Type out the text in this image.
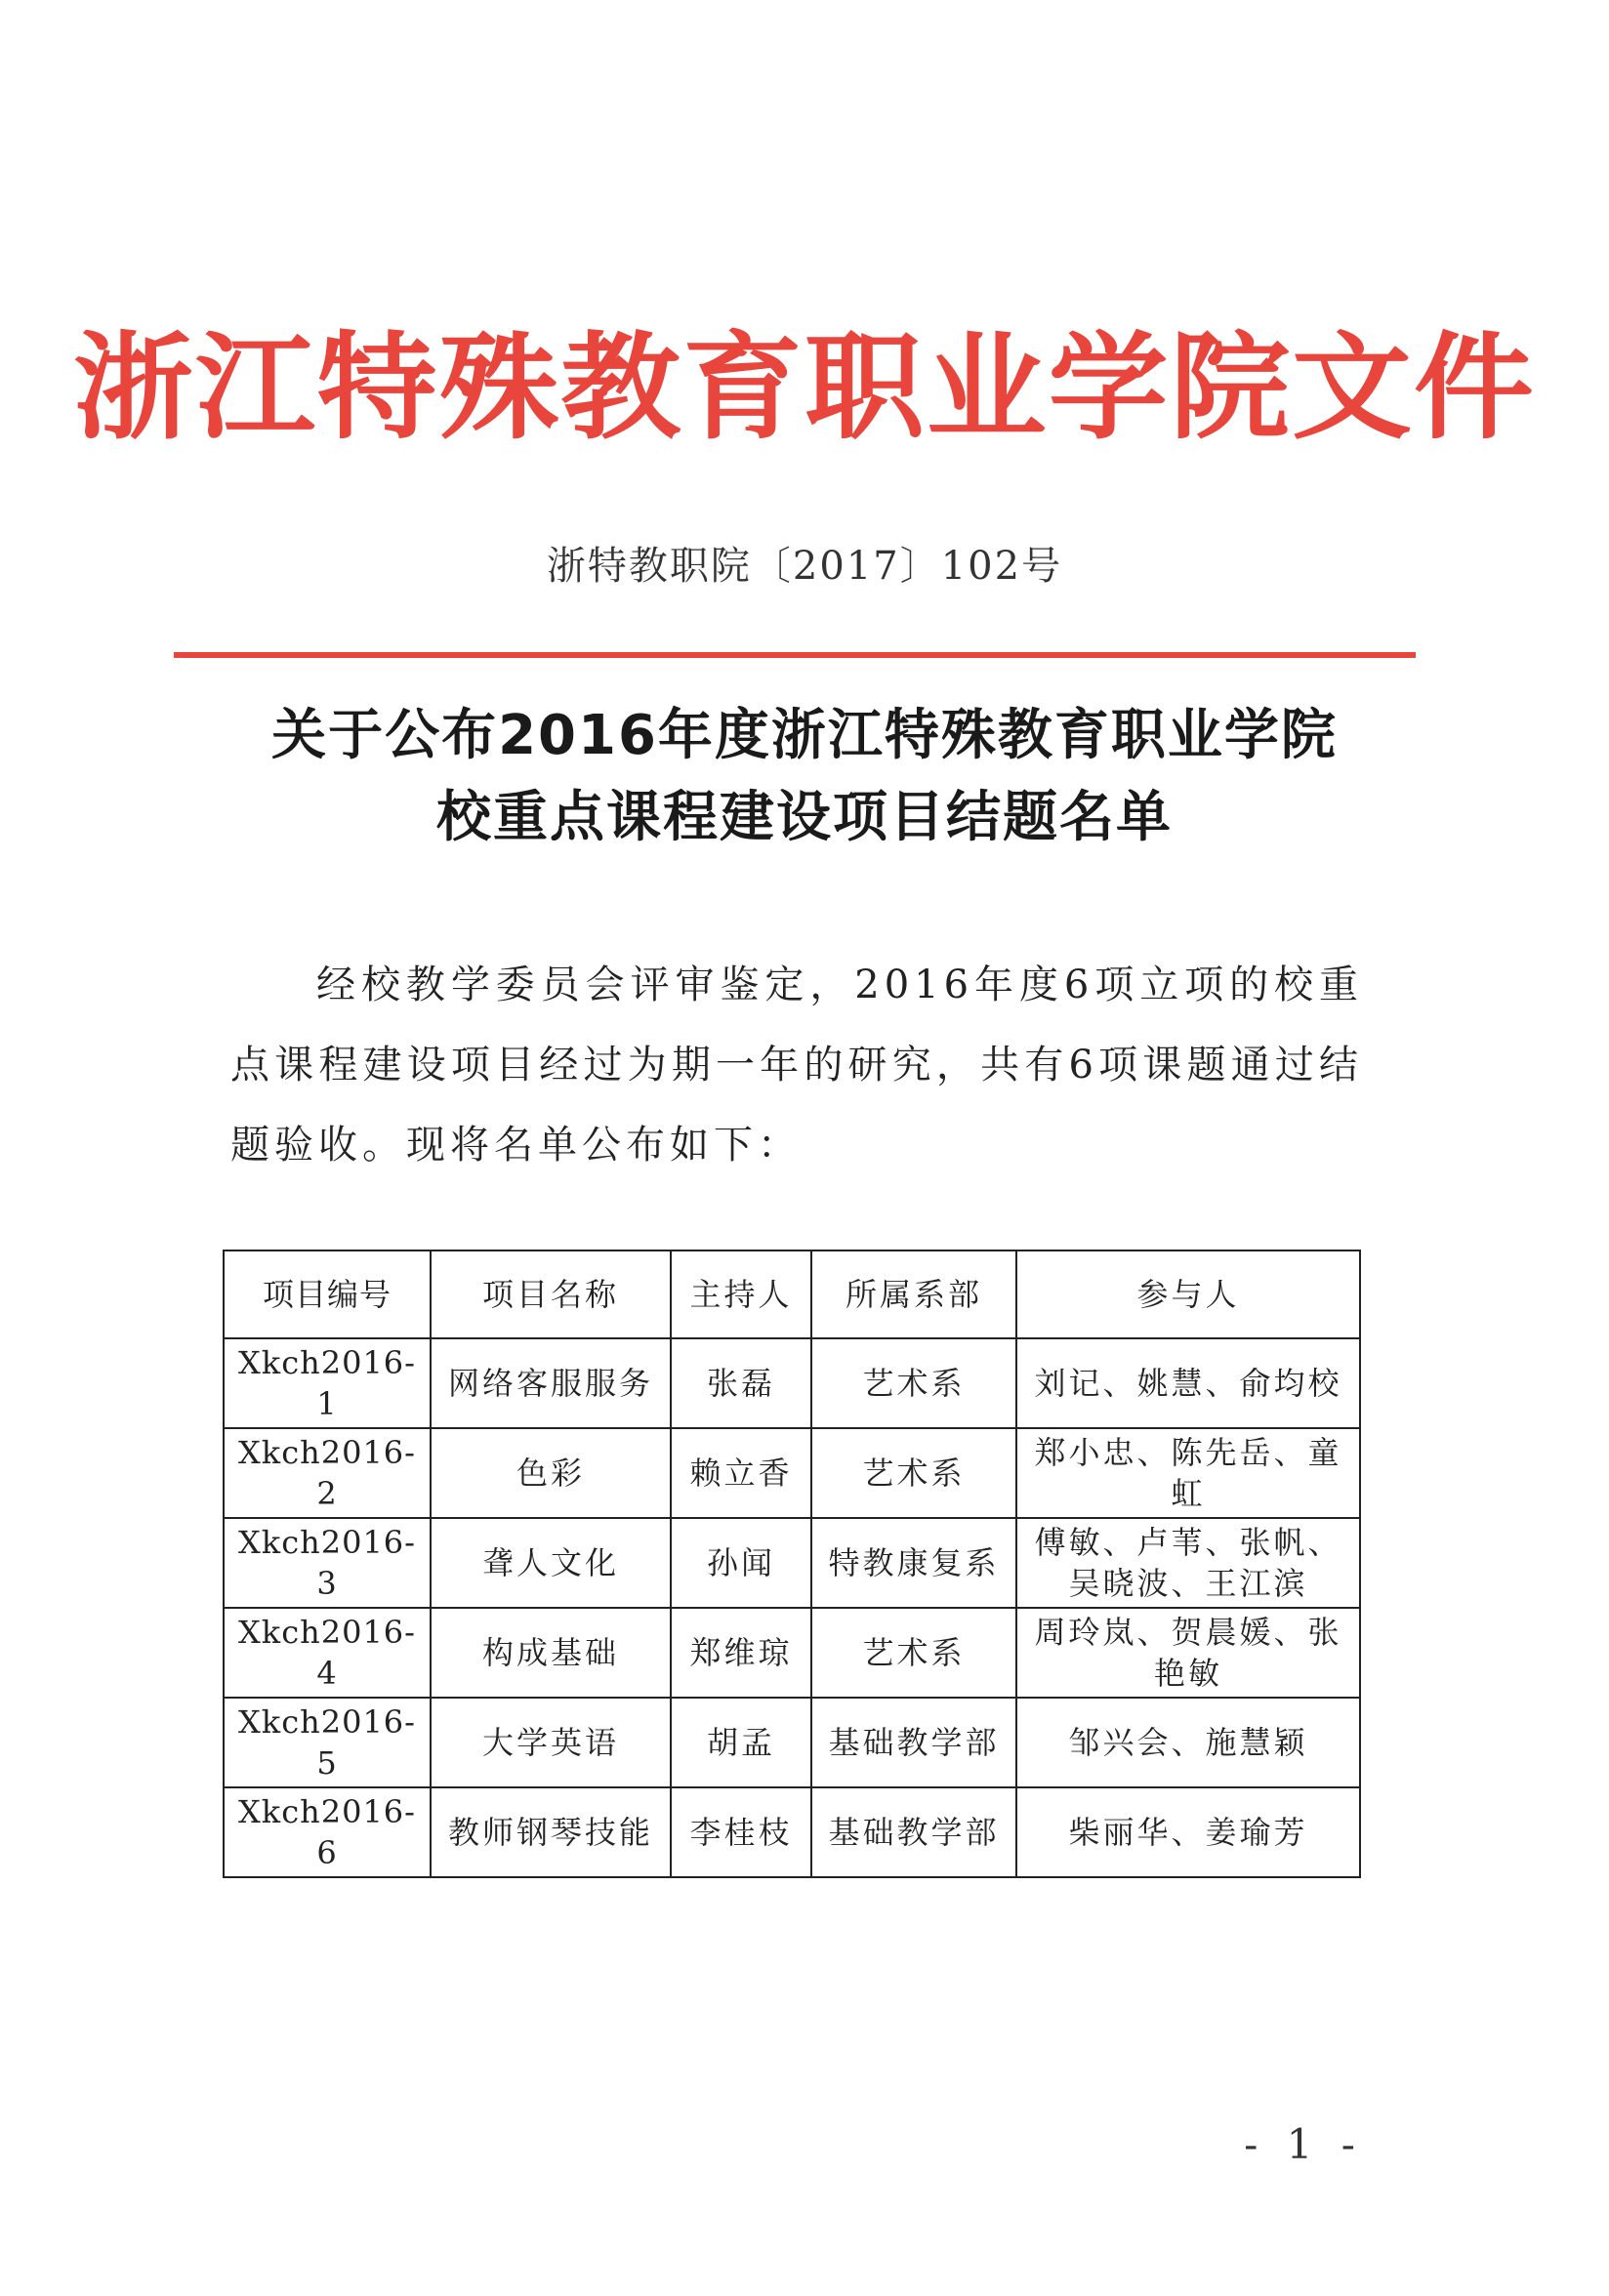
浙江特殊教育职业学院文件
浙特教职院〔2017〕102号
关于公布2016年度浙江特殊教育职业学院
校重点课程建设项目结题名单
经校教学委员会评审鉴定，2016年度6项立项的校重点课程建设项目经过为期一年的研究，共有6项课题通过结题验收。现将名单公布如下：
项目编号	项目名称	主持人	所属系部	参与人
Xkch2016-1	网络客服服务	张磊	艺术系	刘记、姚慧、俞均校
Xkch2016-2	色彩	赖立香	艺术系	郑小忠、陈先岳、童虹
Xkch2016-3	聋人文化	孙闻	特教康复系	傅敏、卢苇、张帆、吴晓波、王江滨
Xkch2016-4	构成基础	郑维琼	艺术系	周玲岚、贺晨媛、张艳敏
Xkch2016-5	大学英语	胡孟	基础教学部	邹兴会、施慧颖
Xkch2016-6	教师钢琴技能	李桂枝	基础教学部	柴丽华、姜瑜芳
- 1 -
